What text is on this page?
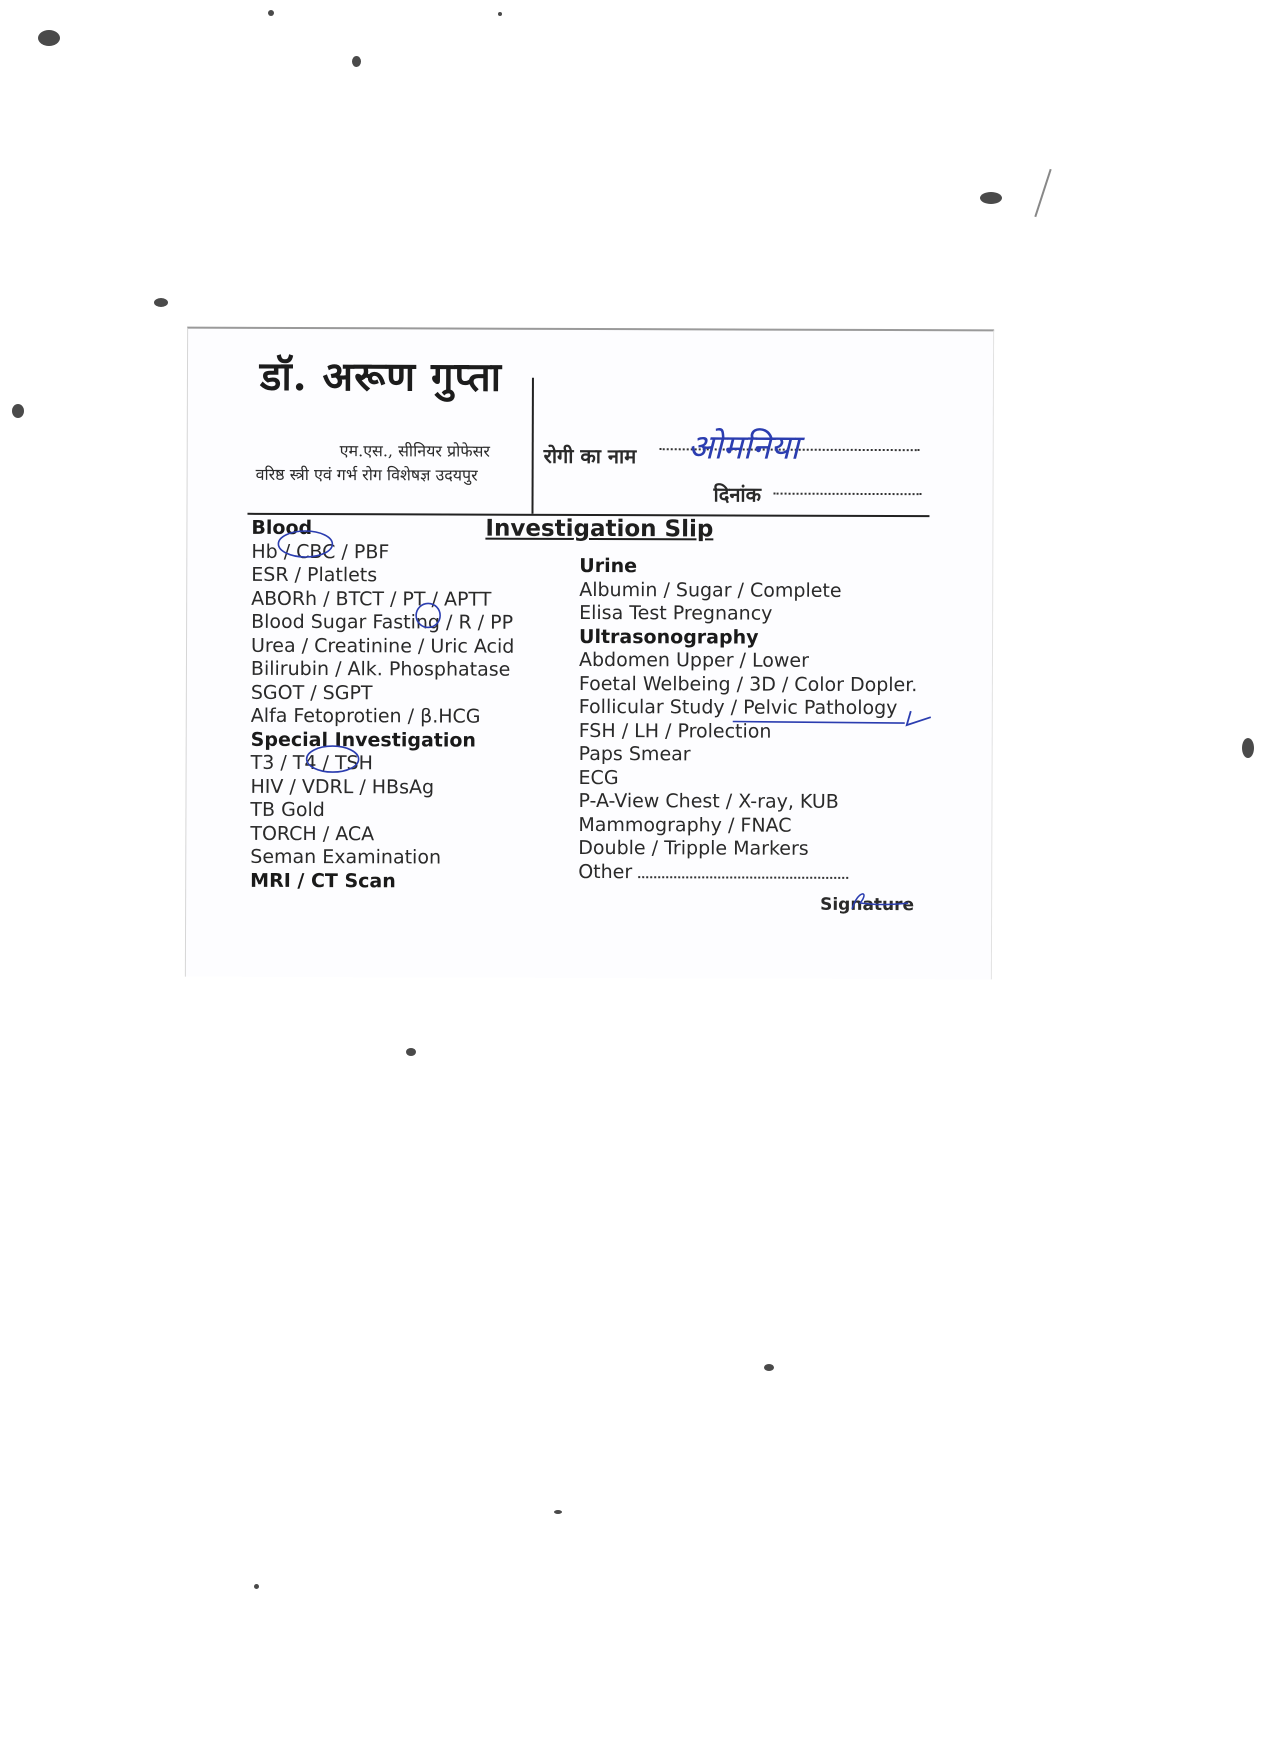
डॉ. अरूण गुप्ता
एम.एस., सीनियर प्रोफेसर
वरिष्ठ स्त्री एवं गर्भ रोग विशेषज्ञ उदयपुर
रोगी का नाम ओमनिया
दिनांक
Investigation Slip
Blood
Hb / CBC / PBF
ESR / Platlets
ABORh / BTCT / PT / APTT
Blood Sugar Fasting / R / PP
Urea / Creatinine / Uric Acid
Bilirubin / Alk. Phosphatase
SGOT / SGPT
Alfa Fetoprotien / β.HCG
Special Investigation
T3 / T4 / TSH
HIV / VDRL / HBsAg
TB Gold
TORCH / ACA
Seman Examination
MRI / CT Scan
Urine
Albumin / Sugar / Complete
Elisa Test Pregnancy
Ultrasonography
Abdomen Upper / Lower
Foetal Welbeing / 3D / Color Dopler.
Follicular Study / Pelvic Pathology
FSH / LH / Prolection
Paps Smear
ECG
P-A-View Chest / X-ray, KUB
Mammography / FNAC
Double / Tripple Markers
Other
Signature
